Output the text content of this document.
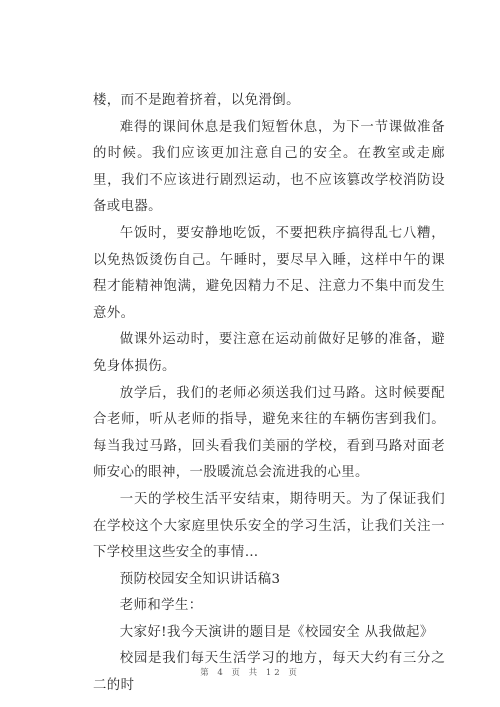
楼，而不是跑着挤着，以免滑倒。

难得的课间休息是我们短暂休息，为下一节课做准备的时候。我们应该更加注意自己的安全。在教室或走廊里，我们不应该进行剧烈运动，也不应该篡改学校消防设备或电器。

午饭时，要安静地吃饭，不要把秩序搞得乱七八糟，以免热饭烫伤自己。午睡时，要尽早入睡，这样中午的课程才能精神饱满，避免因精力不足、注意力不集中而发生意外。

做课外运动时，要注意在运动前做好足够的准备，避免身体损伤。

放学后，我们的老师必须送我们过马路。这时候要配合老师，听从老师的指导，避免来往的车辆伤害到我们。每当我过马路，回头看我们美丽的学校，看到马路对面老师安心的眼神，一股暖流总会流进我的心里。

一天的学校生活平安结束，期待明天。为了保证我们在学校这个大家庭里快乐安全的学习生活，让我们关注一下学校里这些安全的事情…

预防校园安全知识讲话稿3

老师和学生：

大家好!我今天演讲的题目是《校园安全 从我做起》

校园是我们每天生活学习的地方，每天大约有三分之二的时

第 4 页 共 12 页
